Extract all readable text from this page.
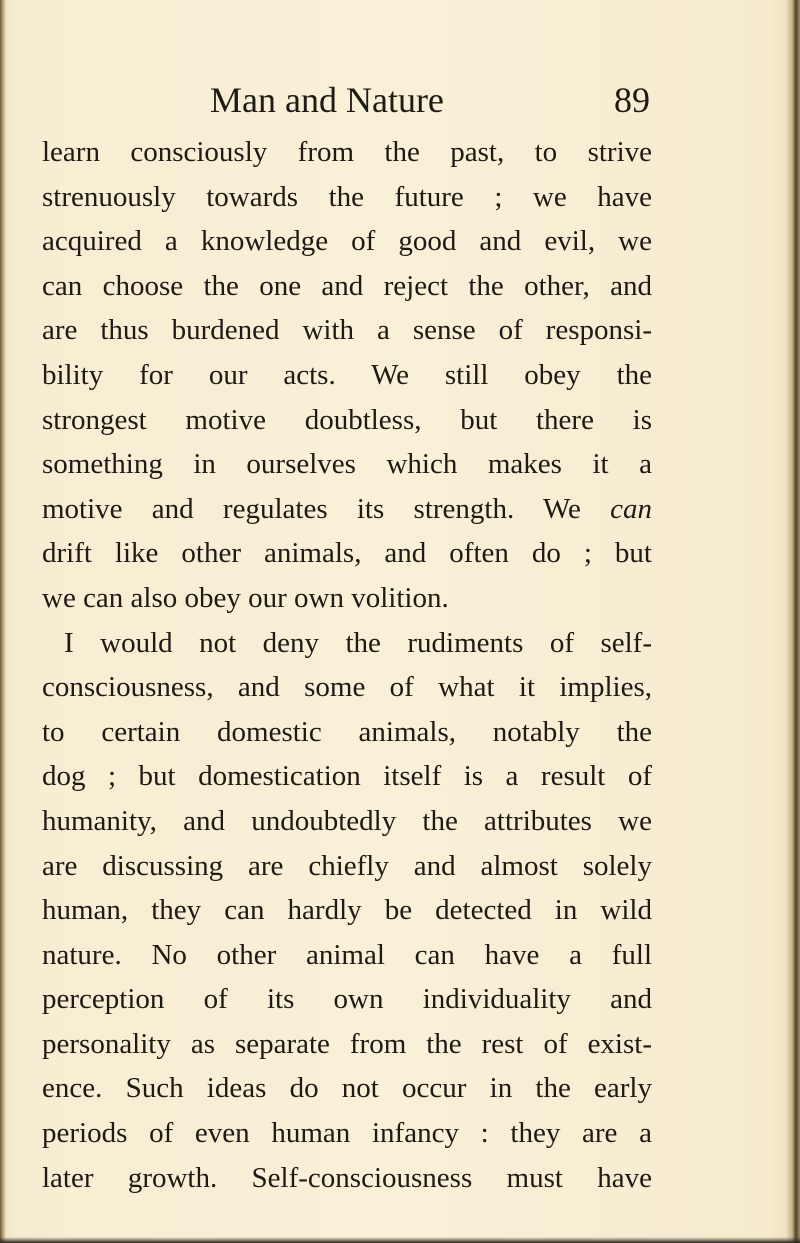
Man and Nature	89
learn consciously from the past, to strive
strenuously towards the future ; we have
acquired a knowledge of good and evil, we
can choose the one and reject the other, and
are thus burdened with a sense of responsi-
bility for our acts. We still obey the
strongest motive doubtless, but there is
something in ourselves which makes it a
motive and regulates its strength. We can
drift like other animals, and often do ; but
we can also obey our own volition.
I would not deny the rudiments of self-
consciousness, and some of what it implies,
to certain domestic animals, notably the
dog ; but domestication itself is a result of
humanity, and undoubtedly the attributes we
are discussing are chiefly and almost solely
human, they can hardly be detected in wild
nature. No other animal can have a full
perception of its own individuality and
personality as separate from the rest of exist-
ence. Such ideas do not occur in the early
periods of even human infancy : they are a
later growth. Self-consciousness must have
